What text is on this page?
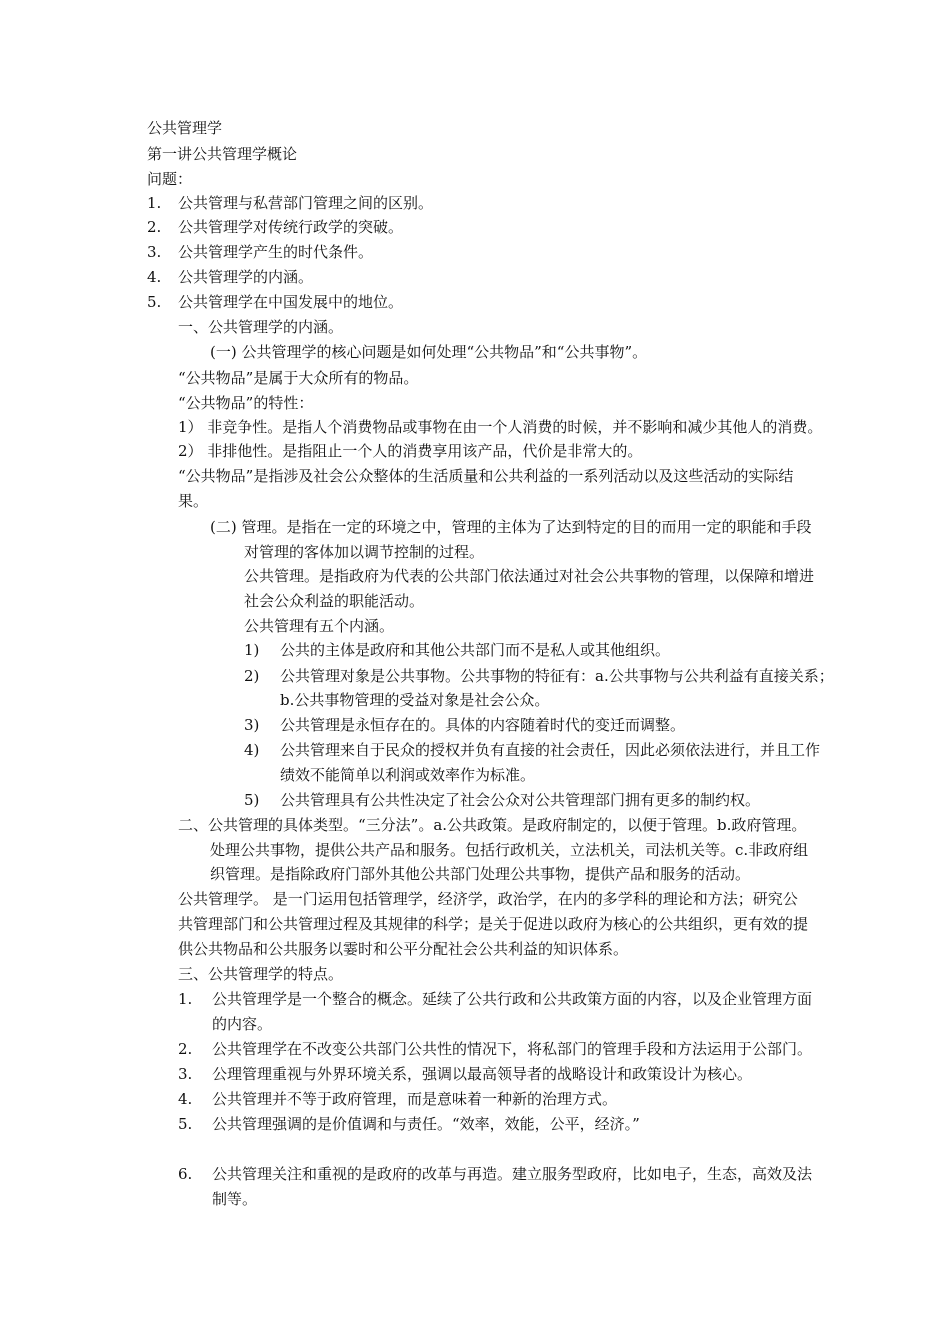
公共管理学
第一讲公共管理学概论
问题：
1. 公共管理与私营部门管理之间的区别。
2. 公共管理学对传统行政学的突破。
3. 公共管理学产生的时代条件。
4. 公共管理学的内涵。
5. 公共管理学在中国发展中的地位。
一、公共管理学的内涵。
(一) 公共管理学的核心问题是如何处理“公共物品”和“公共事物”。
“公共物品”是属于大众所有的物品。
“公共物品”的特性：
1） 非竞争性。是指人个消费物品或事物在由一个人消费的时候，并不影响和减少其他人的消费。
2） 非排他性。是指阻止一个人的消费享用该产品，代价是非常大的。
“公共物品”是指涉及社会公众整体的生活质量和公共利益的一系列活动以及这些活动的实际结
果。
(二) 管理。是指在一定的环境之中，管理的主体为了达到特定的目的而用一定的职能和手段
对管理的客体加以调节控制的过程。
公共管理。是指政府为代表的公共部门依法通过对社会公共事物的管理，以保障和增进
社会公众利益的职能活动。
公共管理有五个内涵。
1) 公共的主体是政府和其他公共部门而不是私人或其他组织。
2) 公共管理对象是公共事物。公共事物的特征有：a.公共事物与公共利益有直接关系；
b.公共事物管理的受益对象是社会公众。
3) 公共管理是永恒存在的。具体的内容随着时代的变迁而调整。
4) 公共管理来自于民众的授权并负有直接的社会责任，因此必须依法进行，并且工作
绩效不能简单以利润或效率作为标准。
5) 公共管理具有公共性决定了社会公众对公共管理部门拥有更多的制约权。
二、公共管理的具体类型。“三分法”。a.公共政策。是政府制定的，以便于管理。b.政府管理。
处理公共事物，提供公共产品和服务。包括行政机关，立法机关，司法机关等。c.非政府组
织管理。是指除政府门部外其他公共部门处理公共事物，提供产品和服务的活动。
公共管理学。 是一门运用包括管理学，经济学，政治学，在内的多学科的理论和方法；研究公
共管理部门和公共管理过程及其规律的科学；是关于促进以政府为核心的公共组织，更有效的提
供公共物品和公共服务以霎时和公平分配社会公共利益的知识体系。
三、公共管理学的特点。
1. 公共管理学是一个整合的概念。延续了公共行政和公共政策方面的内容，以及企业管理方面
的内容。
2. 公共管理学在不改变公共部门公共性的情况下，将私部门的管理手段和方法运用于公部门。
3. 公理管理重视与外界环境关系，强调以最高领导者的战略设计和政策设计为核心。
4. 公共管理并不等于政府管理，而是意味着一种新的治理方式。
5. 公共管理强调的是价值调和与责任。“效率，效能，公平，经济。”
6. 公共管理关注和重视的是政府的改革与再造。建立服务型政府，比如电子，生态，高效及法
制等。
